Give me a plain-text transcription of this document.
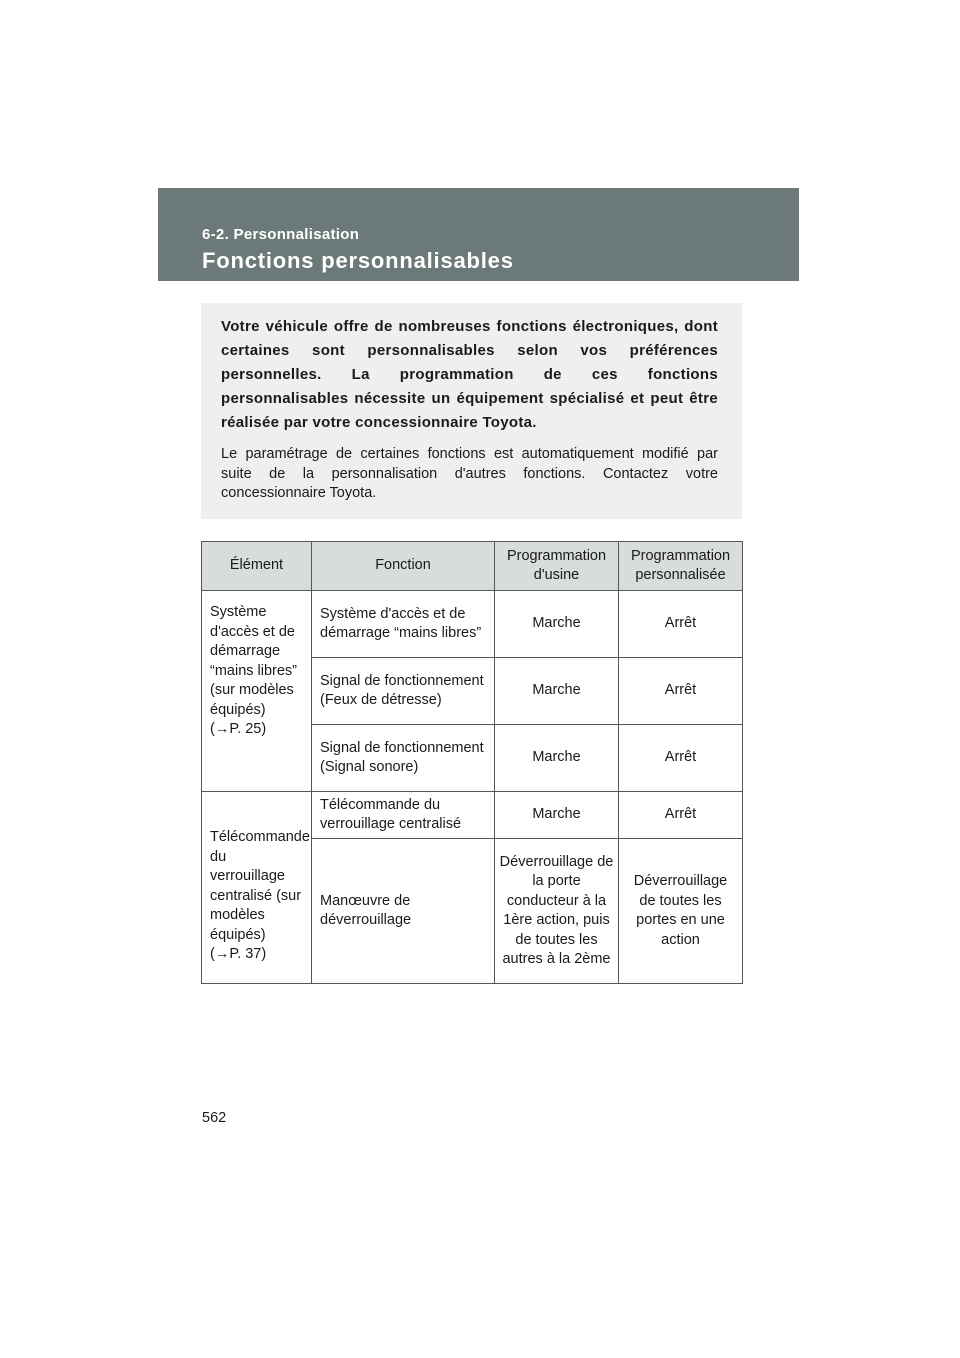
6-2. Personnalisation
Fonctions personnalisables

Votre véhicule offre de nombreuses fonctions électroniques, dont certaines sont personnalisables selon vos préférences personnelles. La programmation de ces fonctions personnalisables nécessite un équipement spécialisé et peut être réalisée par votre concessionnaire Toyota.

Le paramétrage de certaines fonctions est automatiquement modifié par suite de la personnalisation d'autres fonctions. Contactez votre concessionnaire Toyota.

Élément	Fonction	Programmation d'usine	Programmation personnalisée

Système d'accès et de démarrage “mains libres” (sur modèles équipés)
(→P. 25)	Système d'accès et de démarrage “mains libres”	Marche	Arrêt
	Signal de fonctionnement (Feux de détresse)	Marche	Arrêt
	Signal de fonctionnement (Signal sonore)	Marche	Arrêt

Télécommande du verrouillage centralisé (sur modèles équipés)
(→P. 37)	Télécommande du verrouillage centralisé	Marche	Arrêt
	Manœuvre de déverrouillage	Déverrouillage de la porte conducteur à la 1ère action, puis de toutes les autres à la 2ème	Déverrouillage de toutes les portes en une action
562
